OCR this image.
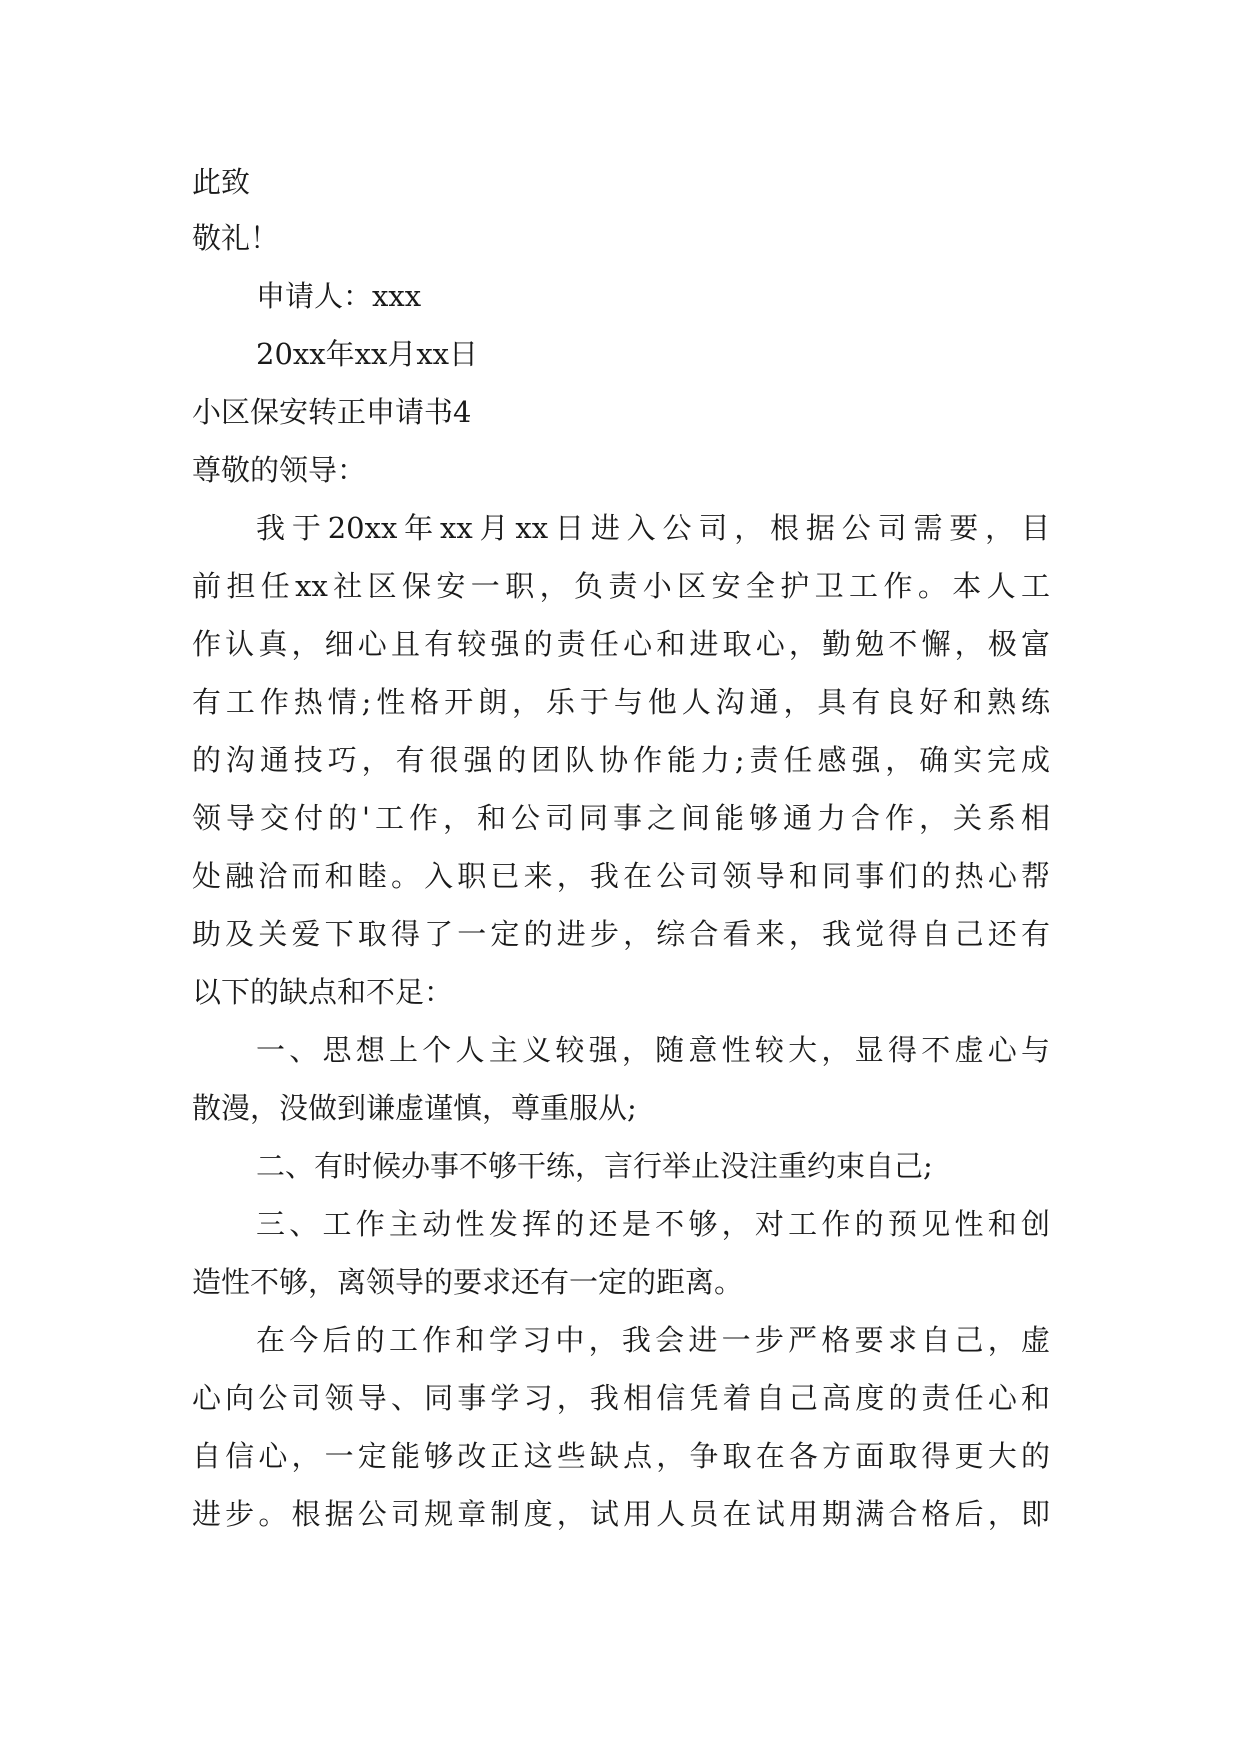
此致
敬礼！
申请人：xxx
20xx年xx月xx日
小区保安转正申请书4
尊敬的领导：
我于20xx年xx月xx日进入公司，根据公司需要，目
前担任xx社区保安一职，负责小区安全护卫工作。本人工
作认真，细心且有较强的责任心和进取心，勤勉不懈，极富
有工作热情;性格开朗，乐于与他人沟通，具有良好和熟练
的沟通技巧，有很强的团队协作能力;责任感强，确实完成
领导交付的'工作，和公司同事之间能够通力合作，关系相
处融洽而和睦。入职已来，我在公司领导和同事们的热心帮
助及关爱下取得了一定的进步，综合看来，我觉得自己还有
以下的缺点和不足：
一、思想上个人主义较强，随意性较大，显得不虚心与
散漫，没做到谦虚谨慎，尊重服从;
二、有时候办事不够干练，言行举止没注重约束自己;
三、工作主动性发挥的还是不够，对工作的预见性和创
造性不够，离领导的要求还有一定的距离。
在今后的工作和学习中，我会进一步严格要求自己，虚
心向公司领导、同事学习，我相信凭着自己高度的责任心和
自信心，一定能够改正这些缺点，争取在各方面取得更大的
进步。根据公司规章制度，试用人员在试用期满合格后，即
